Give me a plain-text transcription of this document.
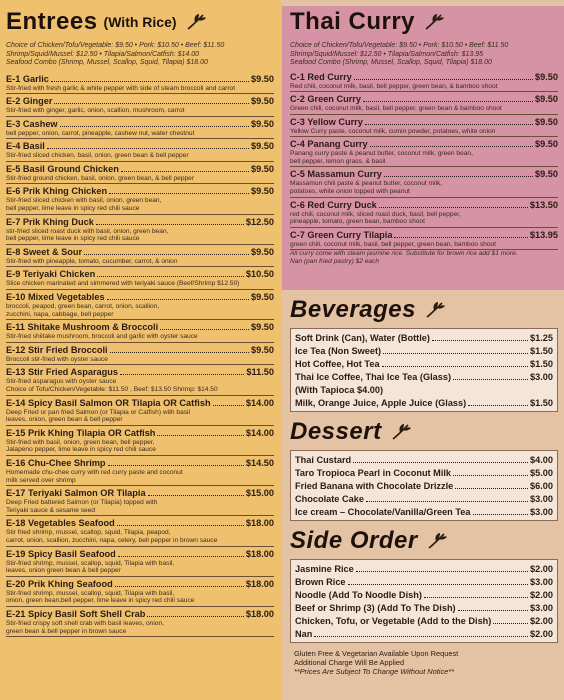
Entrees (With Rice)
Choice of Chicken/Tofu/Vegetable: $9.50 • Pork: $10.50 • Beef: $11.50
Shrimp/Squid/Mussel: $12.50 • Tilapia/Salmon/Catfish: $14.00
Seafood Combo (Shrimp, Mussel, Scallop, Squid, Tilapia) $18.00
E-1 Garlic	$9.50
Stir-fried with fresh garlic & white pepper with side of steam broccoli and carrot
E-2 Ginger	$9.50
Stir-fried with ginger, garlic, onion, scallion, mushroom, carrot
E-3 Cashew	$9.50
bell pepper, onion, carrot, pineapple, cashew nut, water chestnut
E-4 Basil	$9.50
Stir-fried sliced chicken, basil, onion, green bean & bell pepper
E-5 Basil Ground Chicken	$9.50
Stir-fried ground chicken, basil, onion, green bean, & bell pepper
E-6 Prik Khing Chicken	$9.50
Stir-fried sliced chicken with basil, onion, green bean,
bell pepper, lime leave in spicy red chili sauce
E-7 Prik Khing Duck	$12.50
stir-fried sliced roast duck with basil, onion, green bean,
bell pepper, lime leave in spicy red chili sauce
E-8 Sweet & Sour	$9.50
Stir-fried with pineapple, tomato, cucumber, carrot, & onion
E-9 Teriyaki Chicken	$10.50
Slice chicken marinated and simmered with teriyaki sauce (Beef/Shrimp $12.50)
E-10 Mixed Vegetables	$9.50
broccoli, peapod, green bean, carrot, onion, scallion,
zucchini, napa, cabbage, bell pepper
E-11 Shitake Mushroom & Broccoli	$9.50
Stir-fried shiitake mushroom, broccoli and garlic with oyster sauce
E-12 Stir Fried Broccoli	$9.50
Broccoli stir-fried with oyster sauce
E-13 Stir Fried Asparagus	$11.50
Stir-fried asparagus with oyster sauce
Choice of Tofu/Chicken/Vegetable: $11.50 , Beef: $13.50 Shrimp: $14.50
E-14 Spicy Basil Salmon OR Tilapia OR Catfish	$14.00
Deep Fried or pan fried Salmon (or Tilapia or Catfish) with basil
leaves, onion, green bean & bell pepper
E-15 Prik Khing Tilapia OR Catfish	$14.00
Stir-fried with basil, onion, green bean, bell pepper,
Jalapeno pepper, lime leave in spicy red chili sauce
E-16 Chu-Chee Shrimp	$14.50
Homemade chu-chee curry with red curry paste and coconut
milk served over shrimp
E-17 Teriyaki Salmon OR Tilapia	$15.00
Deep Fried battered Salmon (or Tilapia) topped with
Teriyaki sauce & sesame seed
E-18 Vegetables Seafood	$18.00
Stir fried shrimp, mussel, scallop, squid, Tilapia, peapod,
carrot, onion, scallion, zucchini, napa, celery, bell pepper in brown sauce
E-19 Spicy Basil Seafood	$18.00
Stir-fried shrimp, mussel, scallop, squid, Tilapia with basil,
leaves, onion green bean & bell pepper
E-20 Prik Khing Seafood	$18.00
Stir-fried shrimp, mussel, scallop, squid, Tilapia with basil,
onion, green bean,bell pepper, lime leave in spicy red chili sauce
E-21 Spicy Basil Soft Shell Crab	$18.00
Stir-fried crispy soft shell crab with basil leaves, onion,
green bean & bell pepper in brown sauce
Thai Curry
Choice of Chicken/Tofu/Vegetable: $9.50 • Pork: $10.50 • Beef: $11.50
Shrimp/Squid/Mussel: $12.50 • Tilapia/Salmon/Catfish: $13.95
Seafood Combo (Shrimp, Mussel, Scallop, Squid, Tilapia) $18.00
C-1 Red Curry	$9.50
Red chili, coconut milk, basil, bell pepper, green bean, & bamboo shoot
C-2 Green Curry	$9.50
Green chili, coconut milk, basil, bell pepper, green bean & bamboo shoot
C-3 Yellow Curry	$9.50
Yellow Curry paste, coconut milk, cumin powder, potatoes, white onion
C-4 Panang Curry	$9.50
Panang curry paste & peanut butter, coconut milk, green bean,
bell pepper, lemon grass, & basil
C-5 Massamun Curry	$9.50
Massamun chili paste & peanut butter, coconut milk,
potatoes, white onion topped with peanut
C-6 Red Curry Duck	$13.50
red chili, coconut milk, sliced roast duck, basil, bell pepper,
pineapple, tomato, green bean, bamboo shoot
C-7 Green Curry Tilapia	$13.95
green chili, coconut milk, basil, bell pepper, green bean, bamboo shoot
All curry come with steam jasmine rice. Substitute for brown rice add $1 more.
Nan (pan fried pastry) $2 each
Beverages
Soft Drink (Can), Water (Bottle)	$1.25
Ice Tea (Non Sweet)	$1.50
Hot Coffee, Hot Tea	$1.50
Thai Ice Coffee, Thai Ice Tea (Glass)	$3.00
(With Tapioca $4.00)
Milk, Orange Juice, Apple Juice (Glass)	$1.50
Dessert
Thai Custard	$4.00
Taro Tropioca Pearl in Coconut Milk	$5.00
Fried Banana with Chocolate Drizzle	$6.00
Chocolate Cake	$3.00
Ice cream – Chocolate/Vanilla/Green Tea	$3.00
Side Order
Jasmine Rice	$2.00
Brown Rice	$3.00
Noodle (Add To Noodle Dish)	$2.00
Beef or Shrimp (3) (Add To The Dish)	$3.00
Chicken, Tofu, or Vegetable (Add to the Dish)	$2.00
Nan	$2.00
Gluten Free & Vegetarian Available Upon Request
Additional Charge Will Be Applied
**Prices Are Subject To Change Without Notice**
